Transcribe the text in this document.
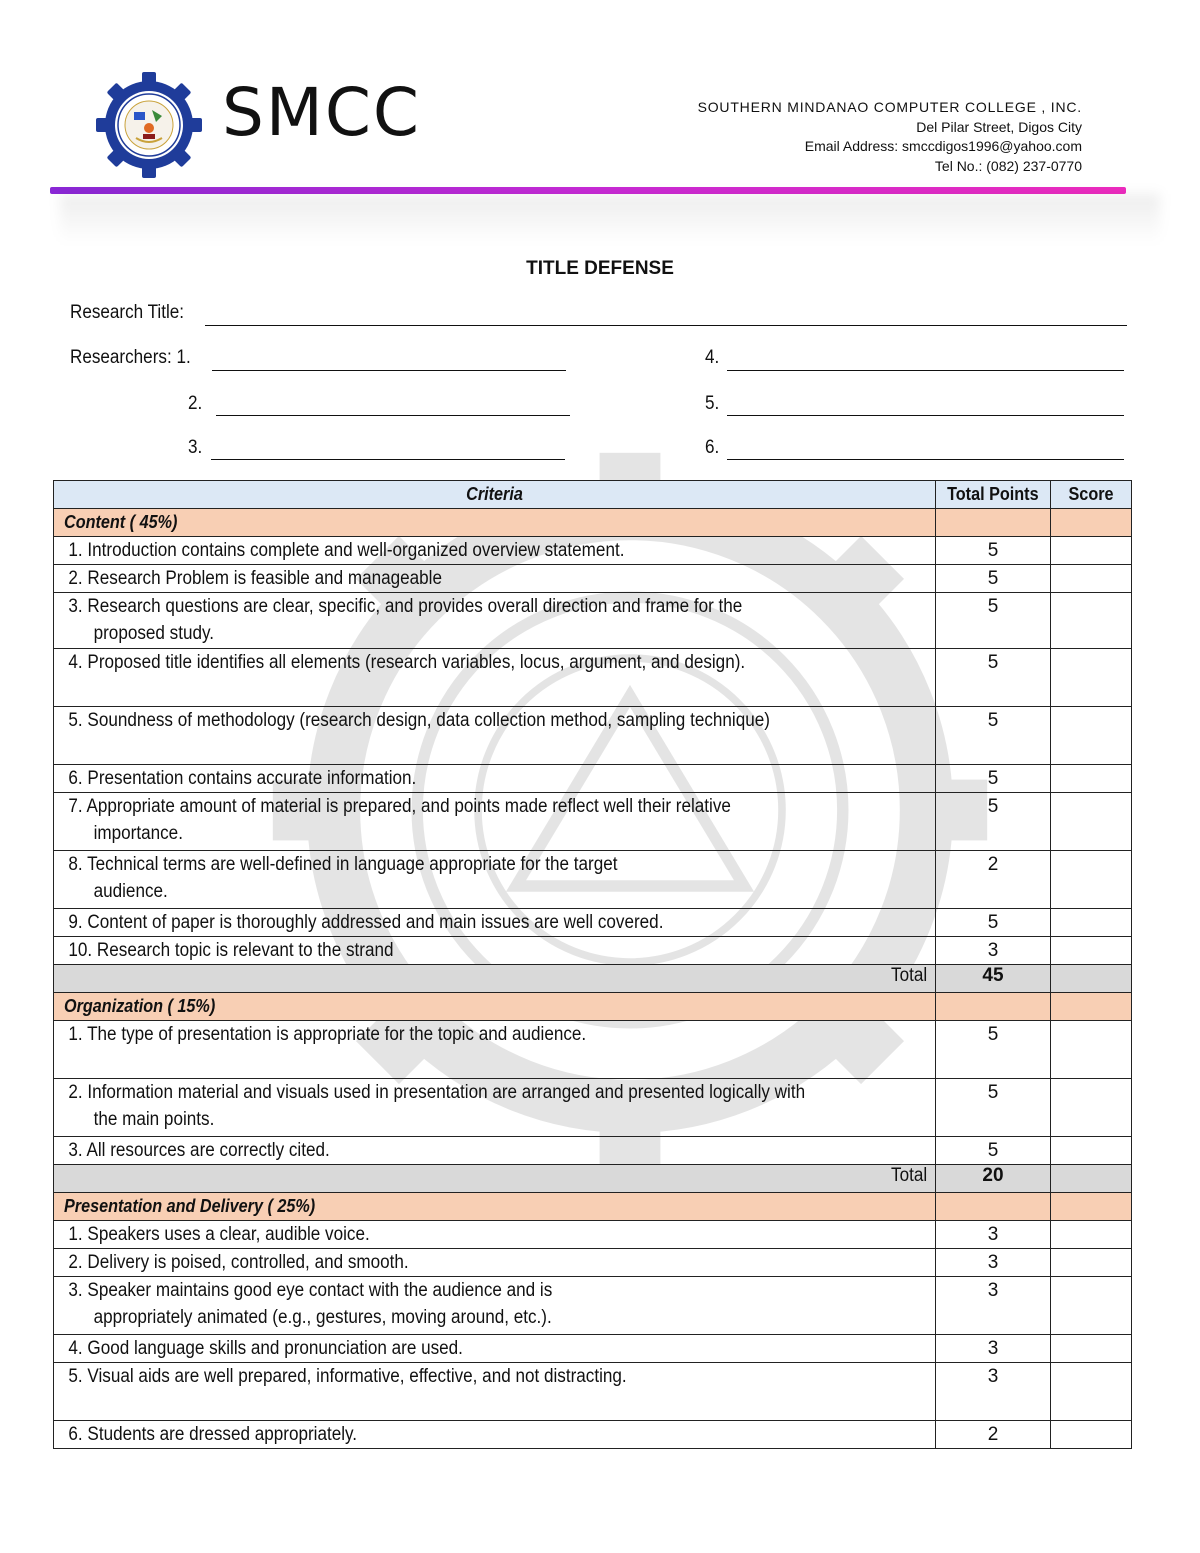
SMCC	SOUTHERN MINDANAO COMPUTER COLLEGE , INC.
Del Pilar Street, Digos City
Email Address: smccdigos1996@yahoo.com
Tel No.: (082) 237-0770
TITLE DEFENSE
Research Title:
Researchers: 1.
2.
3.
4.
5.
6.
Criteria	Total Points	Score
Content ( 45%)		

1. Introduction contains complete and well-organized overview statement.	5	

2. Research Problem is feasible and manageable	5	

3. Research questions are clear, specific, and provides overall direction and frame for the proposed study.	5	

4. Proposed title identifies all elements (research variables, locus, argument, and design).	5	

5. Soundness of methodology (research design, data collection method, sampling technique)	5	

6. Presentation contains accurate information.	5	

7. Appropriate amount of material is prepared, and points made reflect well their relative importance.	5	

8. Technical terms are well-defined in language appropriate for the target audience.	2	

9. Content of paper is thoroughly addressed and main issues are well covered.	5	

10. Research topic is relevant to the strand	3	
Total	45	
Organization ( 15%)		

1. The type of presentation is appropriate for the topic and audience.	5	

2. Information material and visuals used in presentation are arranged and presented logically with the main points.	5	

3. All resources are correctly cited.	5	
Total	20	
Presentation and Delivery ( 25%)		

1. Speakers uses a clear, audible voice.	3	

2. Delivery is poised, controlled, and smooth.	3	

3. Speaker maintains good eye contact with the audience and is appropriately animated (e.g., gestures, moving around, etc.).	3	

4. Good language skills and pronunciation are used.	3	

5. Visual aids are well prepared, informative, effective, and not distracting.	3	

6. Students are dressed appropriately.	2	
